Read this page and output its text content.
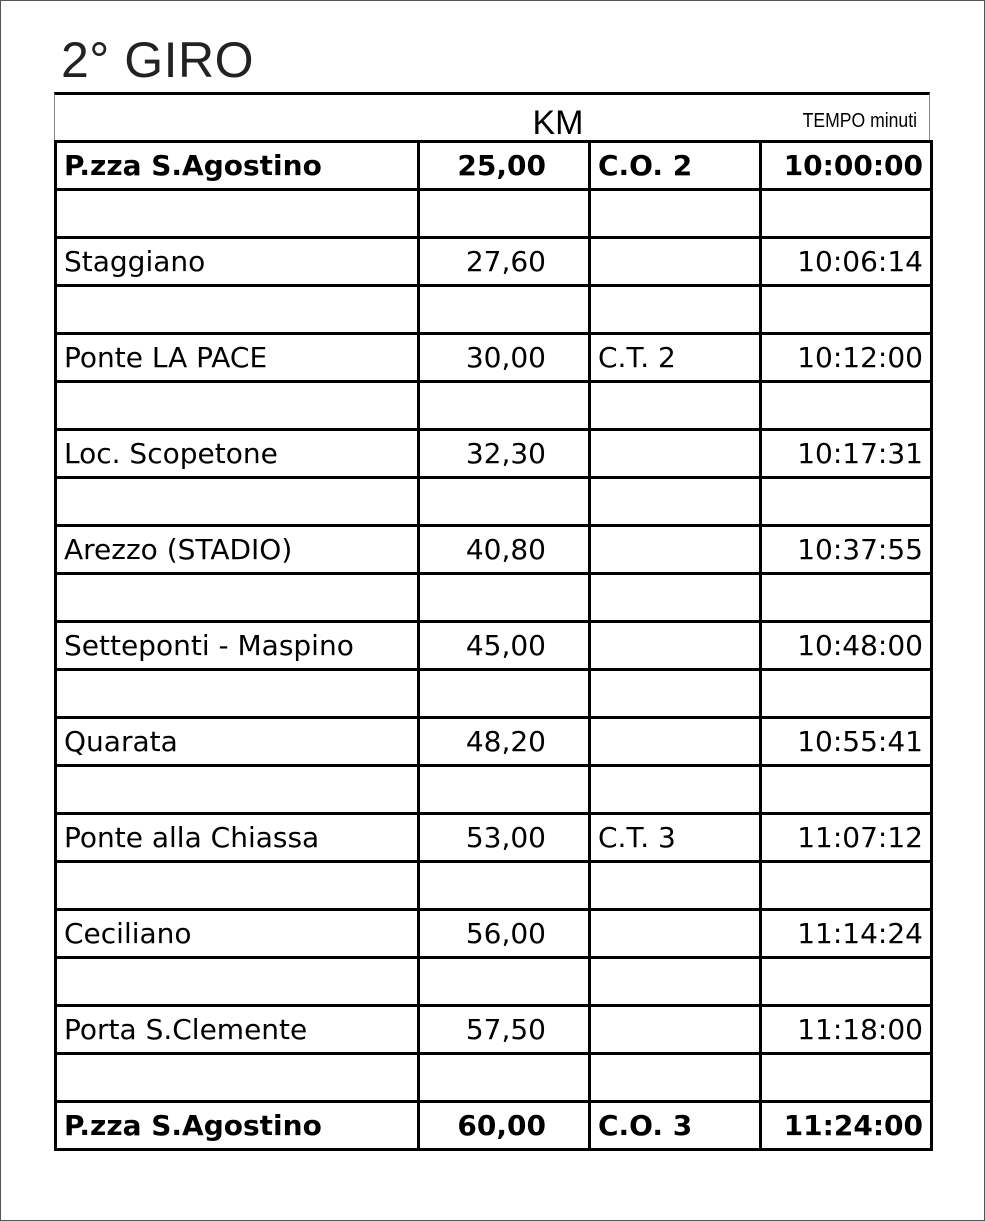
2° GIRO
KM	TEMPO minuti
P.zza S.Agostino	25,00	C.O. 2	10:00:00

Staggiano	27,60		10:06:14

Ponte LA PACE	30,00	C.T. 2	10:12:00

Loc. Scopetone	32,30		10:17:31

Arezzo (STADIO)	40,80		10:37:55

Setteponti - Maspino	45,00		10:48:00

Quarata	48,20		10:55:41

Ponte alla Chiassa	53,00	C.T. 3	11:07:12

Ceciliano	56,00		11:14:24

Porta S.Clemente	57,50		11:18:00

P.zza S.Agostino	60,00	C.O. 3	11:24:00
